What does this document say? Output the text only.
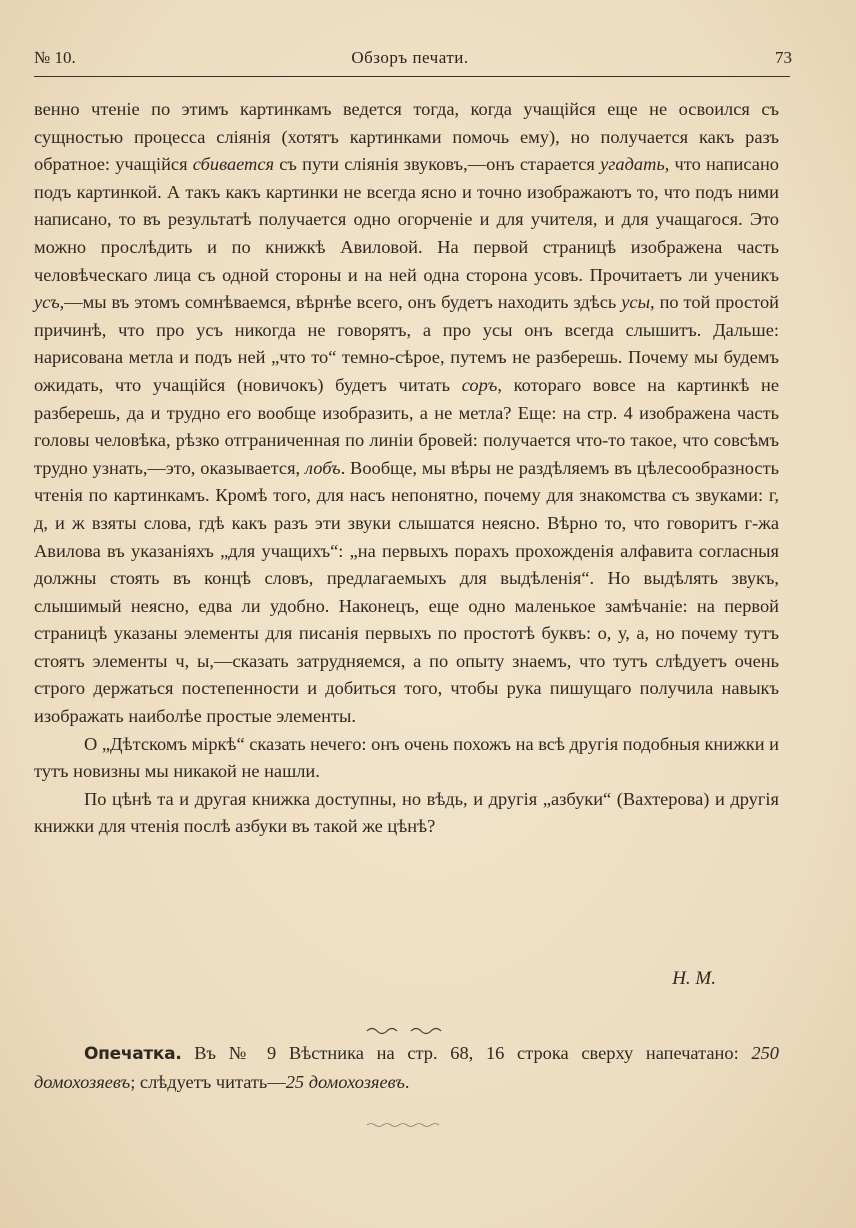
№ 10.	Обзоръ печати.	73

венно чтеніе по этимъ картинкамъ ведется тогда, когда учащійся еще не освоился съ сущностью процесса слiянія (хотятъ картинками помочь ему), но получается какъ разъ обратное: учащійся сбивается съ пути слiянія звуковъ,—онъ старается угадать, что написано подъ картинкой. А такъ какъ картинки не всегда ясно и точно изображаютъ то, что подъ ними написано, то въ результатѣ получается одно огорченіе и для учителя, и для учащагося. Это можно прослѣдить и по книжкѣ Авиловой. На первой страницѣ изображена часть человѣческаго лица съ одной стороны и на ней одна сторона усовъ. Прочитаетъ ли ученикъ усъ,—мы въ этомъ сомнѣваемся, вѣрнѣе всего, онъ будетъ находить здѣсь усы, по той простой причинѣ, что про усъ никогда не говорятъ, а про усы онъ всегда слышитъ. Дальше: нарисована метла и подъ ней „что то“ темно-сѣрое, путемъ не разберешь. Почему мы будемъ ожидать, что учащійся (новичокъ) будетъ читать соръ, котораго вовсе на картинкѣ не разберешь, да и трудно его вообще изобразить, а не метла? Еще: на стр. 4 изображена часть головы человѣка, рѣзко отграниченная по линіи бровей: получается что-то такое, что совсѣмъ трудно узнать,—это, оказывается, лобъ. Вообще, мы вѣры не раздѣляемъ въ цѣлесообразность чтенія по картинкамъ. Кромѣ того, для насъ непонятно, почему для знакомства съ звуками: г, д, и ж взяты слова, гдѣ какъ разъ эти звуки слышатся неясно. Вѣрно то, что говоритъ г-жа Авилова въ указаніяхъ „для учащихъ“: „на первыхъ порахъ прохожденія алфавита согласныя должны стоять въ концѣ словъ, предлагаемыхъ для выдѣленія“. Но выдѣлять звукъ, слышимый неясно, едва ли удобно. Наконецъ, еще одно маленькое замѣчаніе: на первой страницѣ указаны элементы для писанія первыхъ по простотѣ буквъ: о, у, а, но почему тутъ стоятъ элементы ч, ы,—сказать затрудняемся, а по опыту знаемъ, что тутъ слѣдуетъ очень строго держаться постепенности и добиться того, чтобы рука пишущаго получила навыкъ изображать наиболѣе простые элементы.

О „Дѣтскомъ мiркѣ“ сказать нечего: онъ очень похожъ на всѣ другія подобныя книжки и тутъ новизны мы никакой не нашли.

По цѣнѣ та и другая книжка доступны, но вѣдь, и другія „азбуки“ (Вахтерова) и другія книжки для чтенія послѣ азбуки въ такой же цѣнѣ?

Н. М.
Опечатка. Въ № 9 Вѣстника на стр. 68, 16 строка сверху напечатано: 250 домохозяевъ; слѣдуетъ читать—25 домохозяевъ.
